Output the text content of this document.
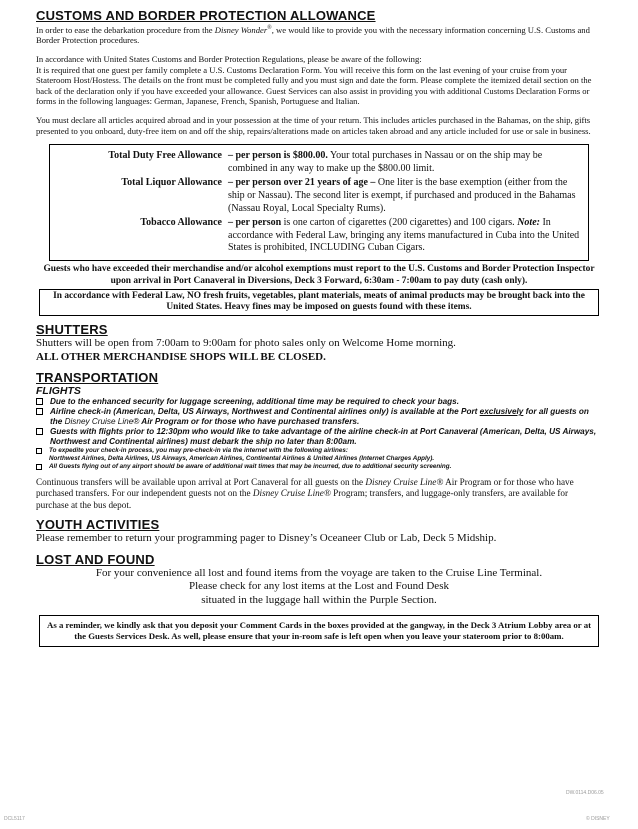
CUSTOMS AND BORDER PROTECTION ALLOWANCE

In order to ease the debarkation procedure from the Disney Wonder®, we would like to provide you with the necessary information concerning U.S. Customs and Border Protection procedures.

In accordance with United States Customs and Border Protection Regulations, please be aware of the following:

It is required that one guest per family complete a U.S. Customs Declaration Form. You will receive this form on the last evening of your cruise from your Stateroom Host/Hostess. The details on the front must be completed fully and you must sign and date the form. Please complete the itemized detail section on the back of the declaration only if you have exceeded your allowance. Guest Services can also assist in providing you with additional Customs Declaration Forms or forms in the following languages: German, Japanese, French, Spanish, Portuguese and Italian.

You must declare all articles acquired abroad and in your possession at the time of your return. This includes articles purchased in the Bahamas, on the ship, gifts presented to you onboard, duty-free item on and off the ship, repairs/alterations made on articles taken abroad and any article included for use or sale in business.

Total Duty Free Allowance – per person is $800.00. Your total purchases in Nassau or on the ship may be combined in any way to make up the $800.00 limit.
Total Liquor Allowance – per person over 21 years of age – One liter is the base exemption (either from the ship or Nassau). The second liter is exempt, if purchased and produced in the Bahamas (Nassau Royal, Local Specialty Rums).
Tobacco Allowance – per person is one carton of cigarettes (200 cigarettes) and 100 cigars. Note: In accordance with Federal Law, bringing any items manufactured in Cuba into the United States is prohibited, INCLUDING Cuban Cigars.

Guests who have exceeded their merchandise and/or alcohol exemptions must report to the U.S. Customs and Border Protection Inspector upon arrival in Port Canaveral in Diversions, Deck 3 Forward, 6:30am - 7:00am to pay duty (cash only).

In accordance with Federal Law, NO fresh fruits, vegetables, plant materials, meats of animal products may be brought back into the United States. Heavy fines may be imposed on guests found with these items.
SHUTTERS

Shutters will be open from 7:00am to 9:00am for photo sales only on Welcome Home morning.

ALL OTHER MERCHANDISE SHOPS WILL BE CLOSED.

TRANSPORTATION

FLIGHTS

Due to the enhanced security for luggage screening, additional time may be required to check your bags.
Airline check-in (American, Delta, US Airways, Northwest and Continental airlines only) is available at the Port exclusively for all guests on the Disney Cruise Line® Air Program or for those who have purchased transfers.
Guests with flights prior to 12:30pm who would like to take advantage of the airline check-in at Port Canaveral (American, Delta, US Airways, Northwest and Continental airlines) must debark the ship no later than 8:00am.
To expedite your check-in process, you may pre-check-in via the internet with the following airlines:
Northwest Airlines, Delta Airlines, US Airways, American Airlines, Continental Airlines & United Airlines (Internet Charges Apply).
All Guests flying out of any airport should be aware of additional wait times that may be incurred, due to additional security screening.

Continuous transfers will be available upon arrival at Port Canaveral for all guests on the Disney Cruise Line® Air Program or for those who have purchased transfers. For our independent guests not on the Disney Cruise Line® Program; transfers, and luggage-only transfers, are available for purchase at the bus depot.

YOUTH ACTIVITIES

Please remember to return your programming pager to Disney’s Oceaneer Club or Lab, Deck 5 Midship.

LOST AND FOUND

For your convenience all lost and found items from the voyage are taken to the Cruise Line Terminal.

Please check for any lost items at the Lost and Found Desk

situated in the luggage hall within the Purple Section.

As a reminder, we kindly ask that you deposit your Comment Cards in the boxes provided at the gangway, in the Deck 3 Atrium Lobby area or at the Guests Services Desk. As well, please ensure that your in-room safe is left open when you leave your stateroom prior to 8:00am.
DW.0114.D06.05
DCL5117	© DISNEY
